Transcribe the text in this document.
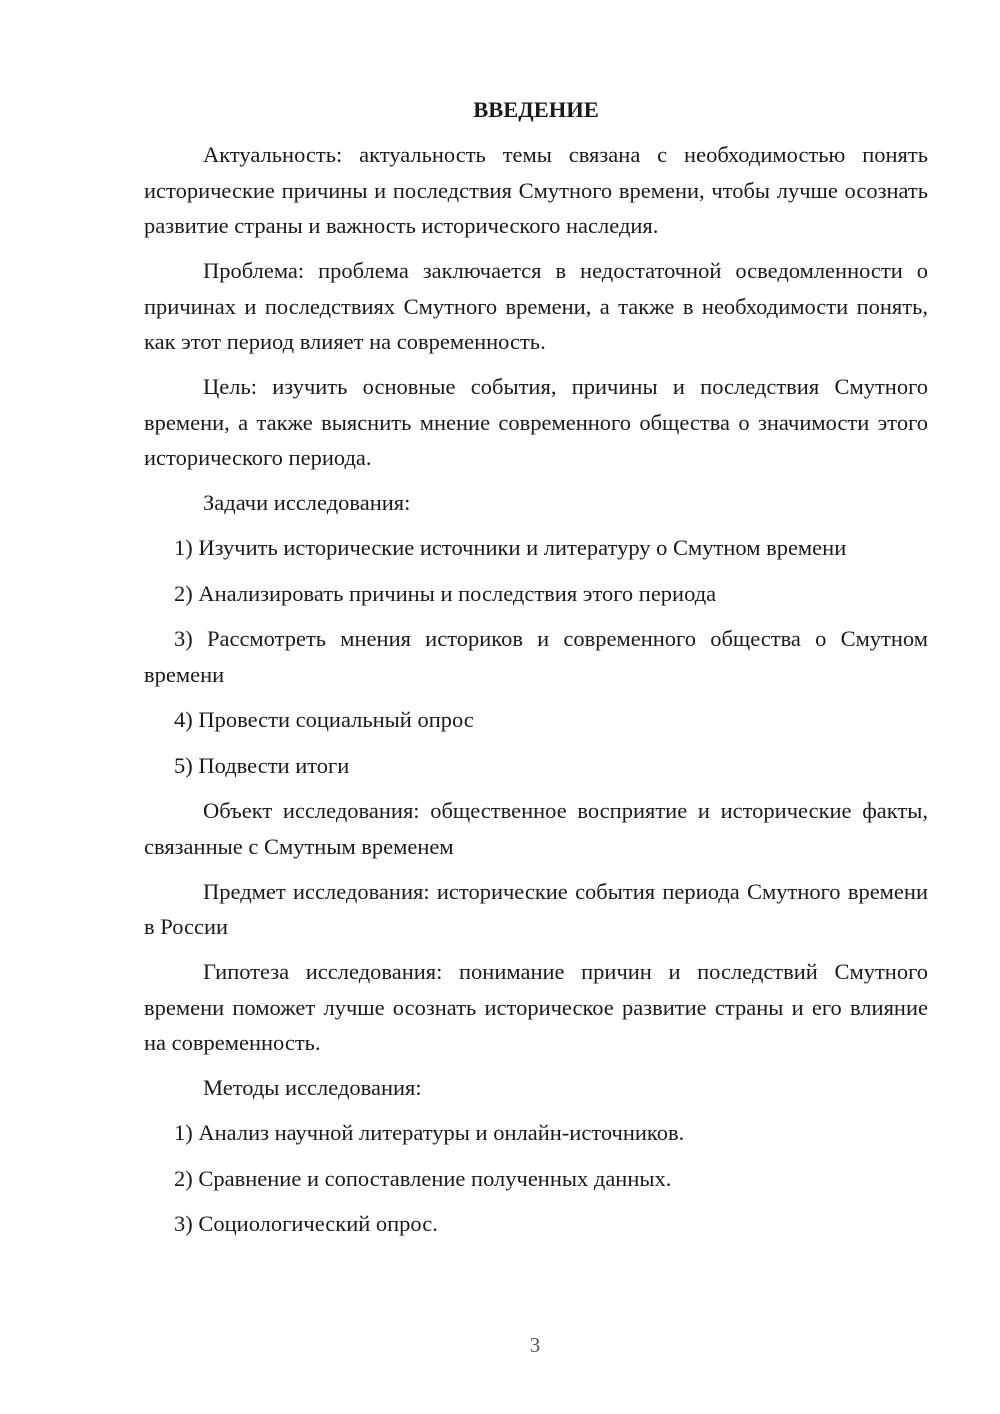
ВВЕДЕНИЕ

Актуальность: актуальность темы связана с необходимостью понять исторические причины и последствия Смутного времени, чтобы лучше осознать развитие страны и важность исторического наследия.

Проблема: проблема заключается в недостаточной осведомленности о причинах и последствиях Смутного времени, а также в необходимости понять, как этот период влияет на современность.

Цель: изучить основные события, причины и последствия Смутного времени, а также выяснить мнение современного общества о значимости этого исторического периода.

Задачи исследования:

1) Изучить исторические источники и литературу о Смутном времени

2) Анализировать причины и последствия этого периода

3) Рассмотреть мнения историков и современного общества о Смутном времени

4) Провести социальный опрос

5) Подвести итоги

Объект исследования: общественное восприятие и исторические факты, связанные с Смутным временем

Предмет исследования: исторические события периода Смутного времени в России

Гипотеза исследования: понимание причин и последствий Смутного времени поможет лучше осознать историческое развитие страны и его влияние на современность.

Методы исследования:

1) Анализ научной литературы и онлайн-источников.

2) Сравнение и сопоставление полученных данных.

3) Социологический опрос.

3
